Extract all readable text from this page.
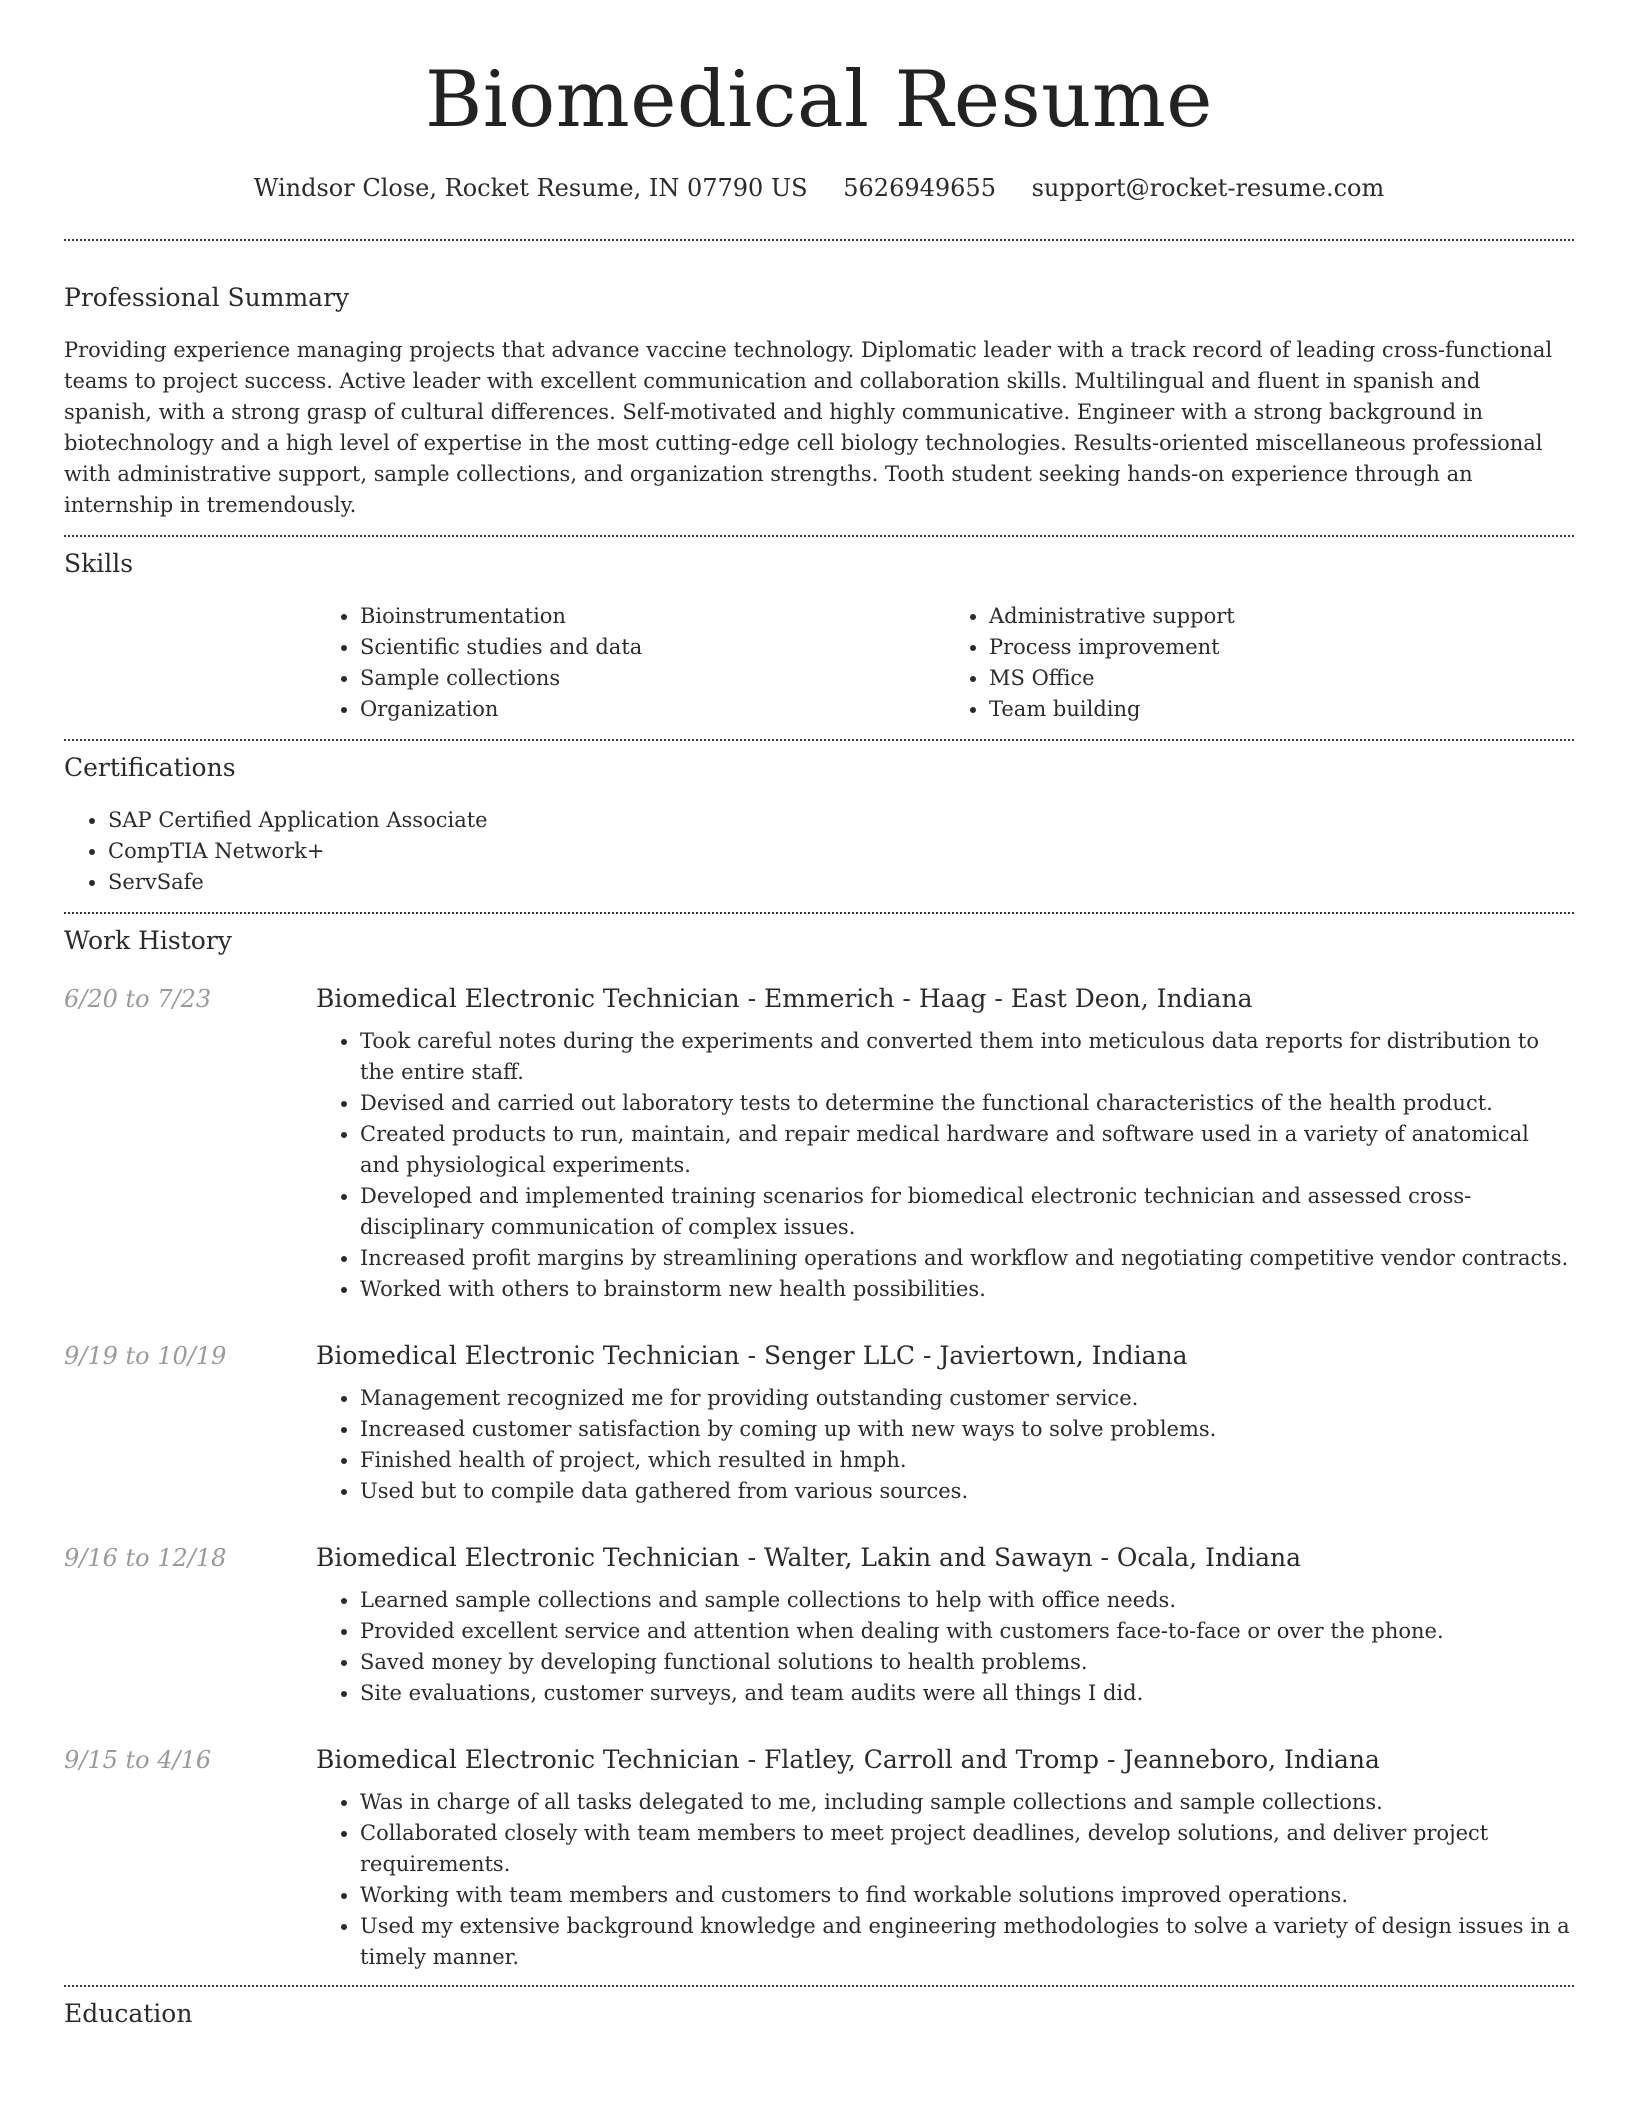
Biomedical Resume
Windsor Close, Rocket Resume, IN 07790 US 5626949655 support@rocket-resume.com
Professional Summary

Providing experience managing projects that advance vaccine technology. Diplomatic leader with a track record of leading cross-functional teams to project success. Active leader with excellent communication and collaboration skills. Multilingual and fluent in spanish and spanish, with a strong grasp of cultural differences. Self-motivated and highly communicative. Engineer with a strong background in biotechnology and a high level of expertise in the most cutting-edge cell biology technologies. Results-oriented miscellaneous professional with administrative support, sample collections, and organization strengths. Tooth student seeking hands-on experience through an internship in tremendously.

Skills
• Bioinstrumentation
• Scientific studies and data
• Sample collections
• Organization
• Administrative support
• Process improvement
• MS Office
• Team building
Certifications
• SAP Certified Application Associate
• CompTIA Network+
• ServSafe
Work History
6/20 to 7/23	Biomedical Electronic Technician - Emmerich - Haag - East Deon, Indiana
• Took careful notes during the experiments and converted them into meticulous data reports for distribution to the entire staff.
• Devised and carried out laboratory tests to determine the functional characteristics of the health product.
• Created products to run, maintain, and repair medical hardware and software used in a variety of anatomical and physiological experiments.
• Developed and implemented training scenarios for biomedical electronic technician and assessed cross-disciplinary communication of complex issues.
• Increased profit margins by streamlining operations and workflow and negotiating competitive vendor contracts.
• Worked with others to brainstorm new health possibilities.
9/19 to 10/19	Biomedical Electronic Technician - Senger LLC - Javiertown, Indiana
• Management recognized me for providing outstanding customer service.
• Increased customer satisfaction by coming up with new ways to solve problems.
• Finished health of project, which resulted in hmph.
• Used but to compile data gathered from various sources.
9/16 to 12/18	Biomedical Electronic Technician - Walter, Lakin and Sawayn - Ocala, Indiana
• Learned sample collections and sample collections to help with office needs.
• Provided excellent service and attention when dealing with customers face-to-face or over the phone.
• Saved money by developing functional solutions to health problems.
• Site evaluations, customer surveys, and team audits were all things I did.
9/15 to 4/16	Biomedical Electronic Technician - Flatley, Carroll and Tromp - Jeanneboro, Indiana
• Was in charge of all tasks delegated to me, including sample collections and sample collections.
• Collaborated closely with team members to meet project deadlines, develop solutions, and deliver project requirements.
• Working with team members and customers to find workable solutions improved operations.
• Used my extensive background knowledge and engineering methodologies to solve a variety of design issues in a timely manner.
Education
